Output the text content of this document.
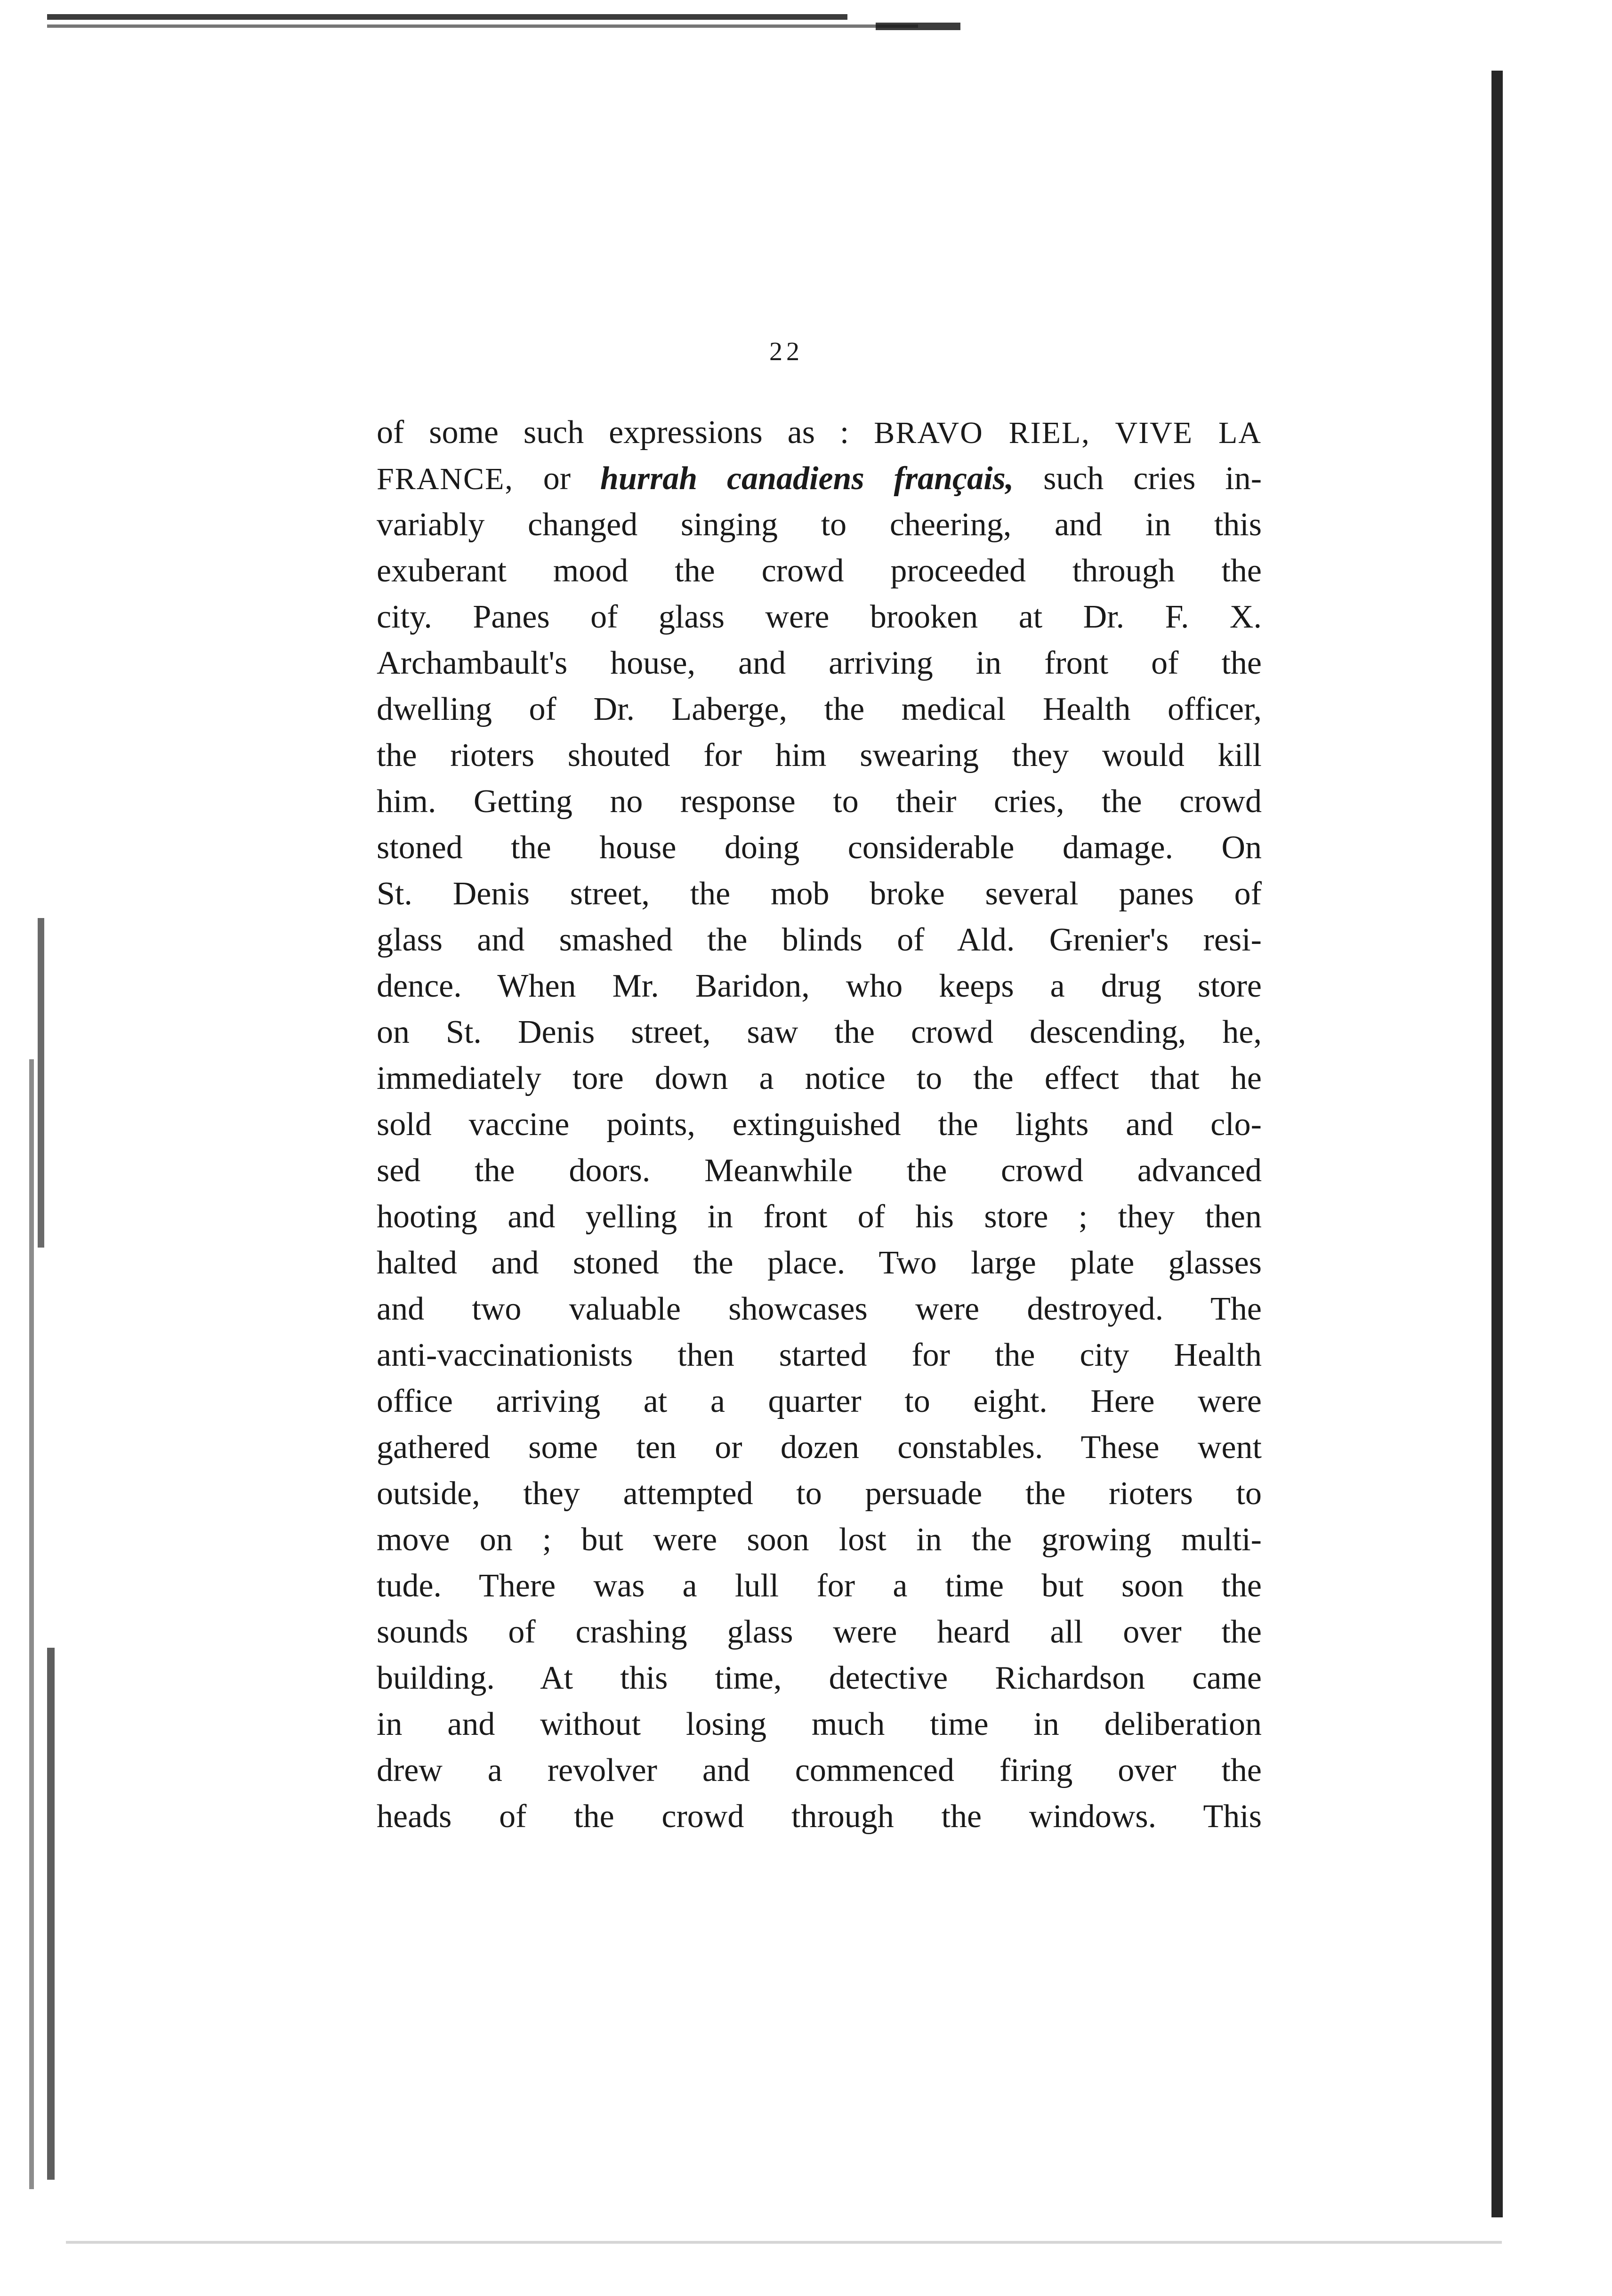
22

of some such expressions as : BRAVO RIEL, VIVE LA
FRANCE, or hurrah canadiens français, such cries in-
variably changed singing to cheering, and in this
exuberant mood the crowd proceeded through the
city. Panes of glass were brooken at Dr. F. X.
Archambault's house, and arriving in front of the
dwelling of Dr. Laberge, the medical Health officer,
the rioters shouted for him swearing they would kill
him. Getting no response to their cries, the crowd
stoned the house doing considerable damage. On
St. Denis street, the mob broke several panes of
glass and smashed the blinds of Ald. Grenier's resi-
dence. When Mr. Baridon, who keeps a drug store
on St. Denis street, saw the crowd descending, he,
immediately tore down a notice to the effect that he
sold vaccine points, extinguished the lights and clo-
sed the doors. Meanwhile the crowd advanced
hooting and yelling in front of his store ; they then
halted and stoned the place. Two large plate glasses
and two valuable showcases were destroyed. The
anti-vaccinationists then started for the city Health
office arriving at a quarter to eight. Here were
gathered some ten or dozen constables. These went
outside, they attempted to persuade the rioters to
move on ; but were soon lost in the growing multi-
tude. There was a lull for a time but soon the
sounds of crashing glass were heard all over the
building. At this time, detective Richardson came
in and without losing much time in deliberation
drew a revolver and commenced firing over the
heads of the crowd through the windows. This
